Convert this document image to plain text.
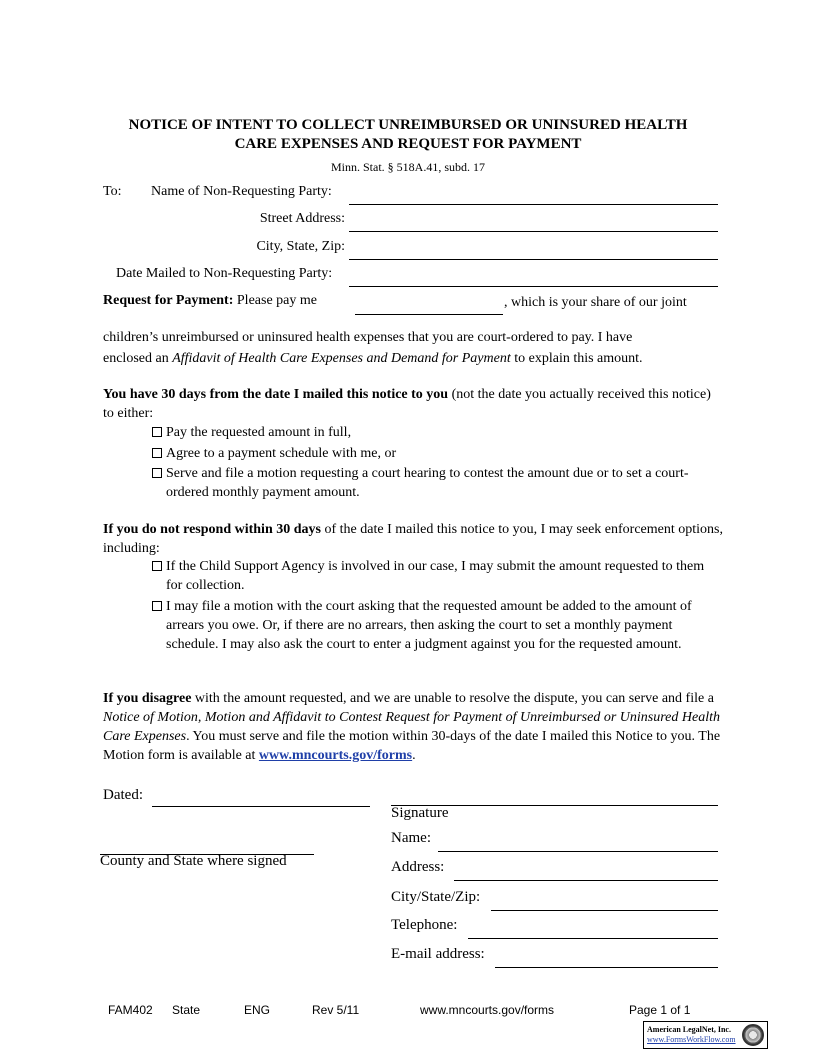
NOTICE OF INTENT TO COLLECT UNREIMBURSED OR UNINSURED HEALTH
CARE EXPENSES AND REQUEST FOR PAYMENT
Minn. Stat. § 518A.41, subd. 17
To: Name of Non-Requesting Party:
Street Address:
City, State, Zip:
Date Mailed to Non-Requesting Party:
Request for Payment: Please pay me	, which is your share of our joint

children’s unreimbursed or uninsured health expenses that you are court-ordered to pay. I have

enclosed an Affidavit of Health Care Expenses and Demand for Payment to explain this amount.

You have 30 days from the date I mailed this notice to you (not the date you actually received this notice) to either:
Pay the requested amount in full,
Agree to a payment schedule with me, or
Serve and file a motion requesting a court hearing to contest the amount due or to set a court-ordered monthly payment amount.
If you do not respond within 30 days of the date I mailed this notice to you, I may seek enforcement options, including:
If the Child Support Agency is involved in our case, I may submit the amount requested to them for collection.
I may file a motion with the court asking that the requested amount be added to the amount of arrears you owe. Or, if there are no arrears, then asking the court to set a monthly payment schedule. I may also ask the court to enter a judgment against you for the requested amount.
If you disagree with the amount requested, and we are unable to resolve the dispute, you can serve and file a Notice of Motion, Motion and Affidavit to Contest Request for Payment of Unreimbursed or Uninsured Health Care Expenses. You must serve and file the motion within 30-days of the date I mailed this Notice to you. The Motion form is available at www.mncourts.gov/forms.
Dated:
County and State where signed
Signature
Name:
Address:
City/State/Zip:
Telephone:
E-mail address:
FAM402 State	ENG	Rev 5/11	www.mncourts.gov/forms	Page 1 of 1
American LegalNet, Inc.
www.FormsWorkFlow.com
